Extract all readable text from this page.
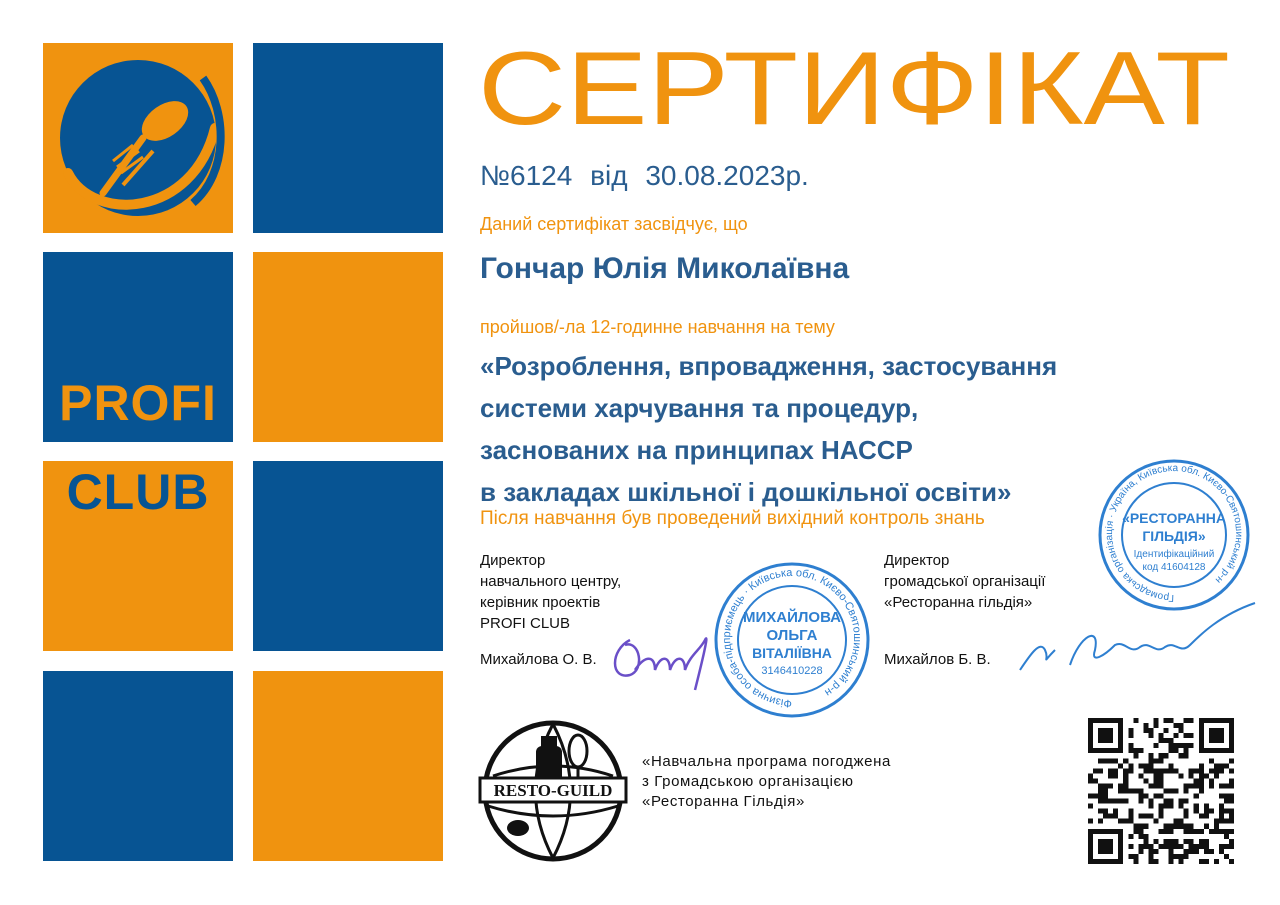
PROFI
CLUB
СЕРТИФІКАТ
№6124 від 30.08.2023р.
Даний сертифікат засвідчує, що
Гончар Юлія Миколаївна
пройшов/-ла 12-годинне навчання на тему
«Розроблення, впровадження, застосування
системи харчування та процедур,
заснованих на принципах НАССР
в закладах шкільної і дошкільної освіти»
Після навчання був проведений вихідний контроль знань
Директор
навчального центру,
керівник проектів
PROFI CLUB
Михайлова О. В.
Фізична особа-підприємець · Київська обл. Києво-Святошинський р-н
МИХАЙЛОВА
ОЛЬГА
ВІТАЛІЇВНА
3146410228
Директор
громадської організації
«Ресторанна гільдія»
Михайлов Б. В.
Громадська організація · Україна, Київська обл. Києво-Святошинський р-н
«РЕСТОРАННА
ГІЛЬДІЯ»
Ідентифікаційний
код 41604128
RESTO-GUILD
«Навчальна програма погоджена
з Громадською організацією
«Ресторанна Гільдія»
